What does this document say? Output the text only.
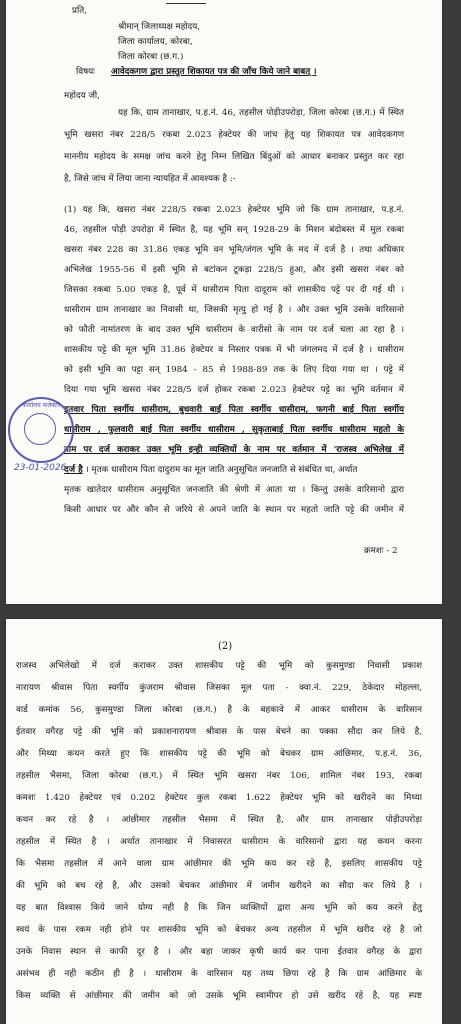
प्रति,
श्रीमान् जिलाध्यक्ष महोदय,
जिला कार्यालय, कोरबा,
जिला कोरबा (छ.ग.)
विषयः आवेदकगण द्वारा प्रस्तुत शिकायत पत्र की जाँच किये जाने बाबत् ।
महोदय जी,
यह कि, ग्राम तानाखार, प.ह.नं. 46, तहसील पोड़ीउपरोड़ा, जिला कोरबा (छ.ग.) में स्थित
भूमि खसरा नंबर 228/5 रकबा 2.023 हेक्टेयर की जांच हेतु यह शिकायत पत्र आवेदकगण
माननीय महोदय के समक्ष जांच करने हेतु निम्न लिखित बिंदुओं को आधार बनाकर प्रस्तुत कर रहा
है, जिसे जांच में लिया जाना न्यायहित में आवश्यक है :-
(1) यह कि, खसरा नंबर 228/5 रकबा 2.023 हेक्टेयर भूमि जो कि ग्राम तानाखार, प.ह.नं.
46, तहसील पोड़ी उपरोड़ा में स्थित है, यह भूमि सन् 1928-29 के मिशन बंदोबस्त में मूल रकबा
खसरा नंबर 228 का 31.86 एकड़ भूमि वन भूमि/जंगल भूमि के मद में दर्ज है । तथा अधिकार
अभिलेख 1955-56 में इसी भूमि से बटांकन टूकड़ा 228/5 हुआ, और इसी खसरा नंबर को
जिसका रकबा 5.00 एकड़ है, पूर्व में धासीराम पिता दादूराम को शासकीय पट्टे पर दी गई थी ।
धासीराम ग्राम तानाखार का निवासी था, जिसकी मृत्यु हो गई है । और उक्त भूमि उसके वारिसानो
को फौती नामांतरण के बाद उक्त भूमि धासीराम के वारीसो के नाम पर दर्ज चला आ रहा है ।
शासकीय पट्टे की मूल भूमि 31.86 हेक्टेयर व निस्तार पत्रक में भी जंगलमद में दर्ज है । धासीराम
को इसी भूमि का पट्टा सन् 1984 - 85 से 1988-89 तक के लिए दिया गया था । पट्टे में
दिया गया भूमि खसरा नंबर 228/5 दर्ज होकर रकबा 2.023 हेक्टेयर पट्टे का भूमि वर्तमान में
इतवार पिता स्वर्गीय धासीराम, बुधवारी बाई पिता स्वर्गीय धासीराम, फगनी बाई पिता स्वर्गीय
धासीराम , फुलवारी बाई पिता स्वर्गीय धासीराम , सुकृताबाई पिता स्वर्गीय धासीराम महतो के
नाम पर दर्ज कराकर उक्त भूमि इन्ही व्यक्तियों के नाम पर वर्तमान में 'राजस्व अभिलेख में
दर्ज है । मृतक धासीराम पिता दादुराम का मूल जाति अनुसूचित जनजाति से संबंधित था, अर्थात
मृतक खातेदार धासीराम अनुसूचित जनजाति की श्रेणी में आता था । किन्तु उसके वारिसानो द्वारा
किसी आधार पर और कौन से जरिये से अपने जाति के स्थान पर महतो जाति पट्टे की जमीन में
क्रमशः - 2
कार्यालय कलेक्टर
23-01-2026
(2)
राजस्व अभिलेखो में दर्ज कराकर उक्त शासकीय पट्टे की भूमि को कुसमुण्डा निवासी प्रकाश
नारायण श्रीवास पिता स्वर्गीय कुंजराम श्रीवास जिसका मूल पता - क्वा.नं. 229, ठेकेदार मोहल्ला,
वार्ड कमांक 56, कुसमुण्डा जिला कोरबा (छ.ग.) है के बहकावे में आकर धासीराम के वारिसान
ईतवार वगैरह पट्टे की भूमि को प्रकाशनारायण श्रीवास के पास बेचने का पक्का सौदा कर लिये है,
और मिथ्या कथन करते हुए कि शासकीय पट्टे की भूमि को बेचकर ग्राम आंछिमार, प.ह.नं. 36,
तहसील भैसमा, जिला कोरबा (छ.ग.) में स्थित भूमि खसरा नंबर 106, शामिल नंबर 193, रकबा
कमशः 1.420 हेक्टेयर एवं 0.202 हेक्टेयर कुल रकबा 1.622 हेक्टेयर भूमि को खरीदने का मिथ्या
कथन कर रहे है । आंछीमार तहसील भैसमा में स्थित है, और ग्राम तानाखार पोड़ीउपरोड़ा
तहसील में स्थित है । अर्थात तानाखार में निवासरत धासीराम के वारिसानो द्वारा यह कथन करना
कि भैसमा तहसील में आने वाला ग्राम आंछीमार की भूमि कय कर रहे है, इसलिए शासकीय पट्टे
की भूमि को बच रहे है, और उसको बेचकर आंछीमार में जमीन खरीदने का सौदा कर लिये है ।
यह बात विश्वास किये जाने योग्य नही है कि जिन व्यक्तियों द्वारा अन्य भूमि को कय करने हेतु
स्वयं के पास रकम नही होने पर शासकीय भूमि को बेचकर अन्य तहसील में भूमि खरीद रहे है जो
उनके निवास स्थान से काफी दूर है । और बहा जाकर कृषी कार्य कर पाना ईतवार वगैरह के द्वारा
असंभव ही नही कठीन ही है । धासीराम के वारिसान यह तथ्य छिपा रहे है कि ग्राम आंछिमार के
किस व्यक्ति से आंछीमार की जमीन को जो उसके भूमि स्वामीपर हो उसे खरीद रहे है, यह स्पष्ट
